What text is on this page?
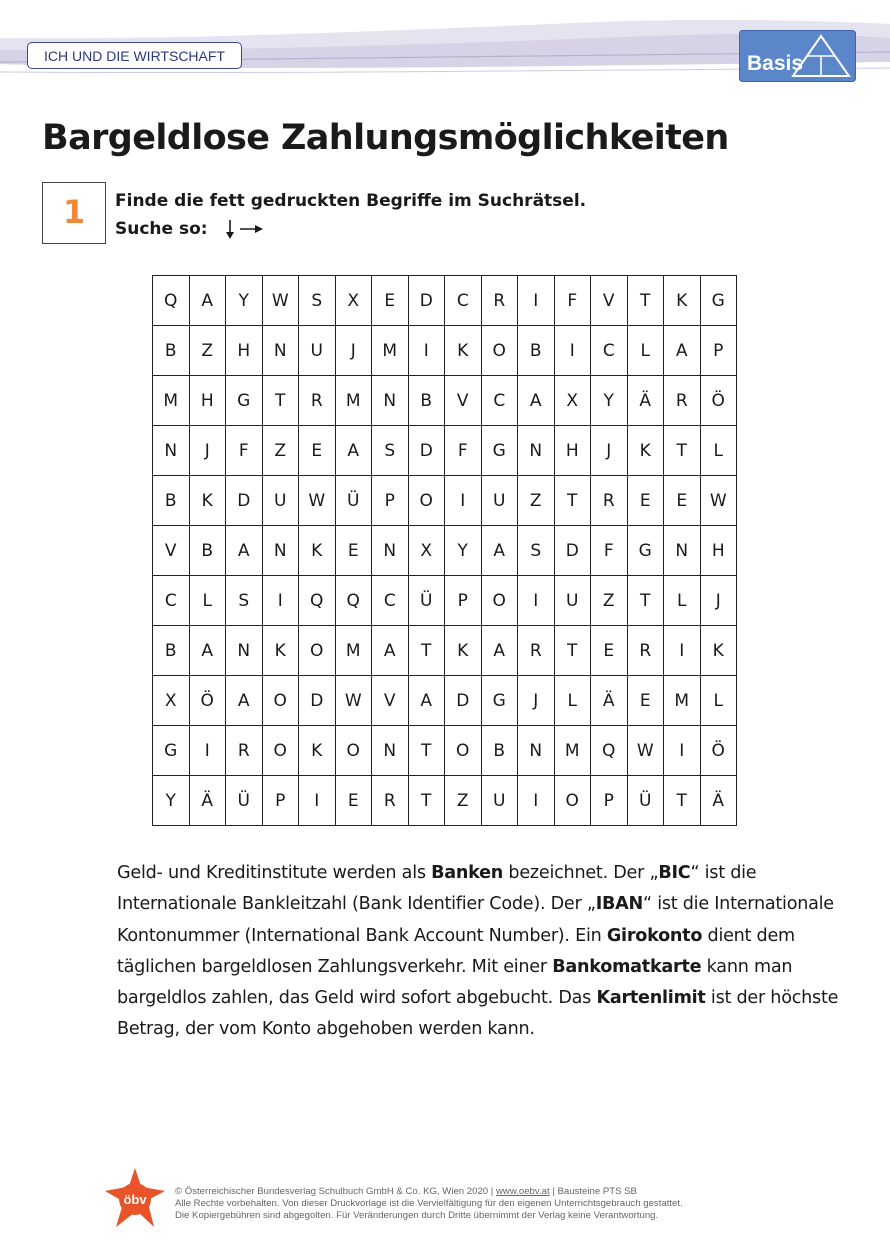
ICH UND DIE WIRTSCHAFT	Basis
Bargeldlose Zahlungsmöglichkeiten
1	Finde die fett gedruckten Begriffe im Suchrätsel.
Suche so:
Q	A	Y	W	S	X	E	D	C	R	I	F	V	T	K	G
B	Z	H	N	U	J	M	I	K	O	B	I	C	L	A	P
M	H	G	T	R	M	N	B	V	C	A	X	Y	Ä	R	Ö
N	J	F	Z	E	A	S	D	F	G	N	H	J	K	T	L
B	K	D	U	W	Ü	P	O	I	U	Z	T	R	E	E	W
V	B	A	N	K	E	N	X	Y	A	S	D	F	G	N	H
C	L	S	I	Q	Q	C	Ü	P	O	I	U	Z	T	L	J
B	A	N	K	O	M	A	T	K	A	R	T	E	R	I	K
X	Ö	A	O	D	W	V	A	D	G	J	L	Ä	E	M	L
G	I	R	O	K	O	N	T	O	B	N	M	Q	W	I	Ö
Y	Ä	Ü	P	I	E	R	T	Z	U	I	O	P	Ü	T	Ä
Geld- und Kreditinstitute werden als Banken bezeichnet. Der „BIC“ ist die Internationale Bankleitzahl (Bank Identifier Code). Der „IBAN“ ist die Internationale Kontonummer (International Bank Account Number). Ein Girokonto dient dem täglichen bargeldlosen Zahlungsverkehr. Mit einer Bankomatkarte kann man bargeldlos zahlen, das Geld wird sofort abgebucht. Das Kartenlimit ist der höchste Betrag, der vom Konto abgehoben werden kann.
öbv
© Österreichischer Bundesverlag Schulbuch GmbH & Co. KG, Wien 2020 | www.oebv.at | Bausteine PTS SB
Alle Rechte vorbehalten. Von dieser Druckvorlage ist die Vervielfältigung für den eigenen Unterrichtsgebrauch gestattet.
Die Kopiergebühren sind abgegolten. Für Veränderungen durch Dritte übernimmt der Verlag keine Verantwortung.
